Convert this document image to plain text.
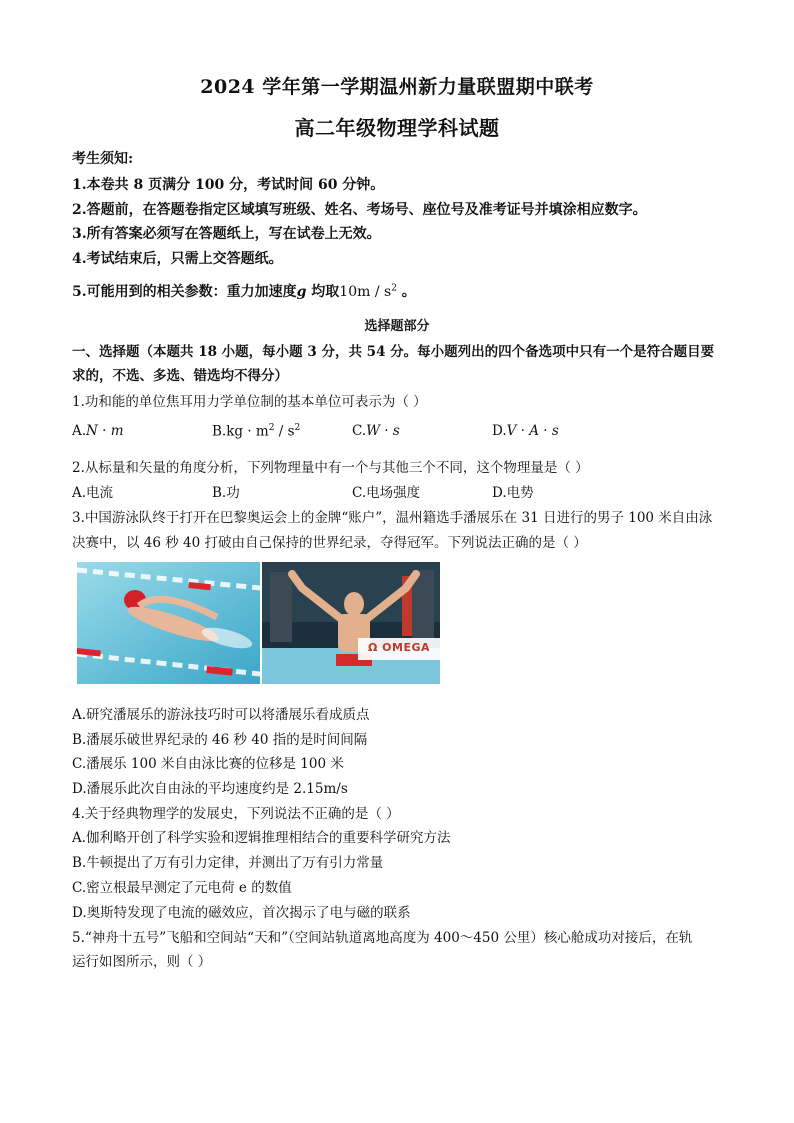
2024 学年第一学期温州新力量联盟期中联考
高二年级物理学科试题
考生须知:
1.本卷共 8 页满分 100 分，考试时间 60 分钟。
2.答题前，在答题卷指定区域填写班级、姓名、考场号、座位号及准考证号并填涂相应数字。
3.所有答案必须写在答题纸上，写在试卷上无效。
4.考试结束后，只需上交答题纸。
5.可能用到的相关参数：重力加速度g 均取$10m / s^2$ 。
选择题部分
一、选择题（本题共 18 小题，每小题 3 分，共 54 分。每小题列出的四个备选项中只有一个是符合题目要
求的，不选、多选、错选均不得分）
1.功和能的单位焦耳用力学单位制的基本单位可表示为（ ）
A.N · m	$B.kg \cdot m^2 / s^2$	C.W · s	D.V · A · s
2.从标量和矢量的角度分析，下列物理量中有一个与其他三个不同，这个物理量是（ ）
A.电流	B.功	C.电场强度	D.电势
3.中国游泳队终于打开在巴黎奥运会上的金牌“账户”，温州籍选手潘展乐在 31 日进行的男子 100 米自由泳
决赛中，以 46 秒 40 打破由自己保持的世界纪录，夺得冠军。下列说法正确的是（ ）
Ω OMEGA
A.研究潘展乐的游泳技巧时可以将潘展乐看成质点
B.潘展乐破世界纪录的 46 秒 40 指的是时间间隔
C.潘展乐 100 米自由泳比赛的位移是 100 米
D.潘展乐此次自由泳的平均速度约是 2.15m/s
4.关于经典物理学的发展史，下列说法不正确的是（ ）
A.伽利略开创了科学实验和逻辑推理相结合的重要科学研究方法
B.牛顿提出了万有引力定律，并测出了万有引力常量
C.密立根最早测定了元电荷 e 的数值
D.奥斯特发现了电流的磁效应，首次揭示了电与磁的联系
5.“神舟十五号”飞船和空间站“天和”（空间站轨道离地高度为 400～450 公里）核心舱成功对接后，在轨
运行如图所示，则（ ）
